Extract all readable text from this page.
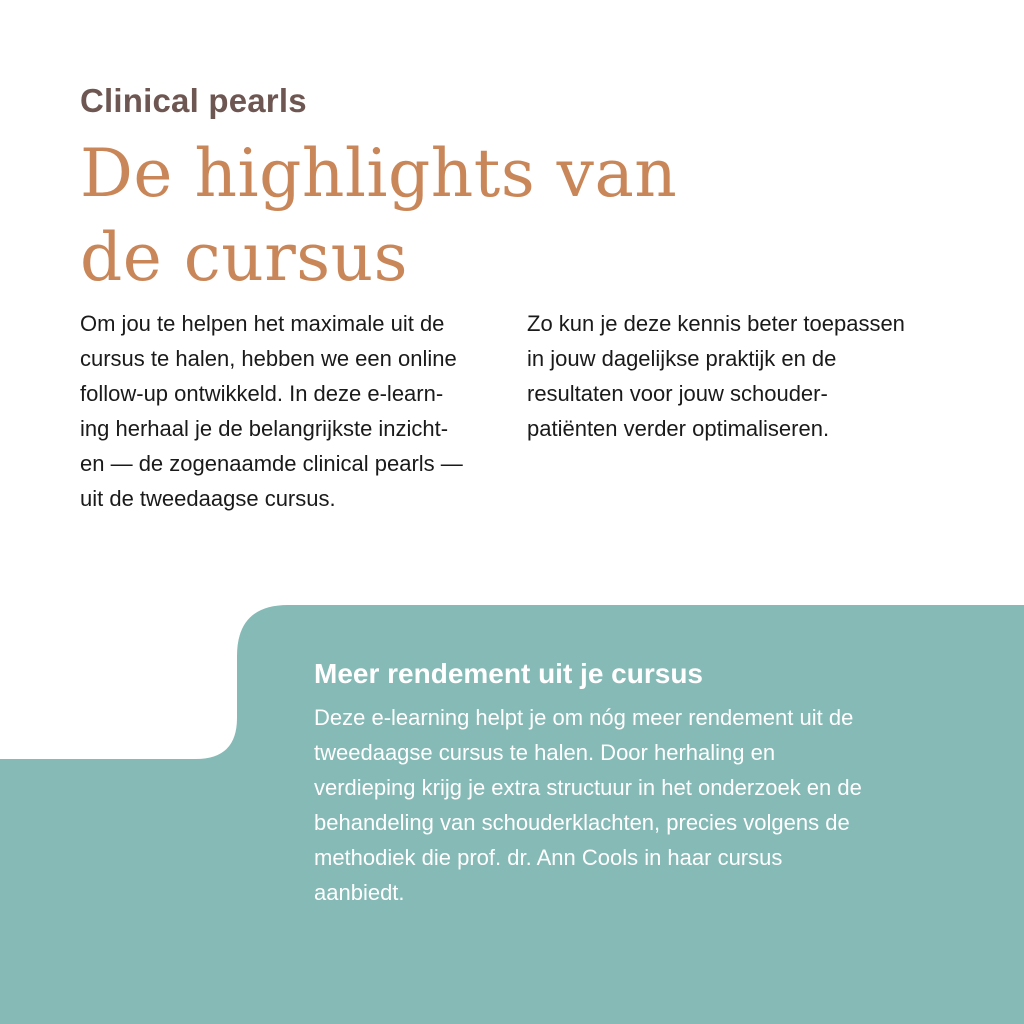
Clinical pearls
De highlights van
de cursus

Om jou te helpen het maximale uit de
cursus te halen, hebben we een online
follow-up ontwikkeld. In deze e-learn-
ing herhaal je de belangrijkste inzicht-
en — de zogenaamde clinical pearls —
uit de tweedaagse cursus.

Zo kun je deze kennis beter toepassen
in jouw dagelijkse praktijk en de
resultaten voor jouw schouder-
patiënten verder optimaliseren.

Meer rendement uit je cursus

Deze e-learning helpt je om nóg meer rendement uit de
tweedaagse cursus te halen. Door herhaling en
verdieping krijg je extra structuur in het onderzoek en de
behandeling van schouderklachten, precies volgens de
methodiek die prof. dr. Ann Cools in haar cursus
aanbiedt.
